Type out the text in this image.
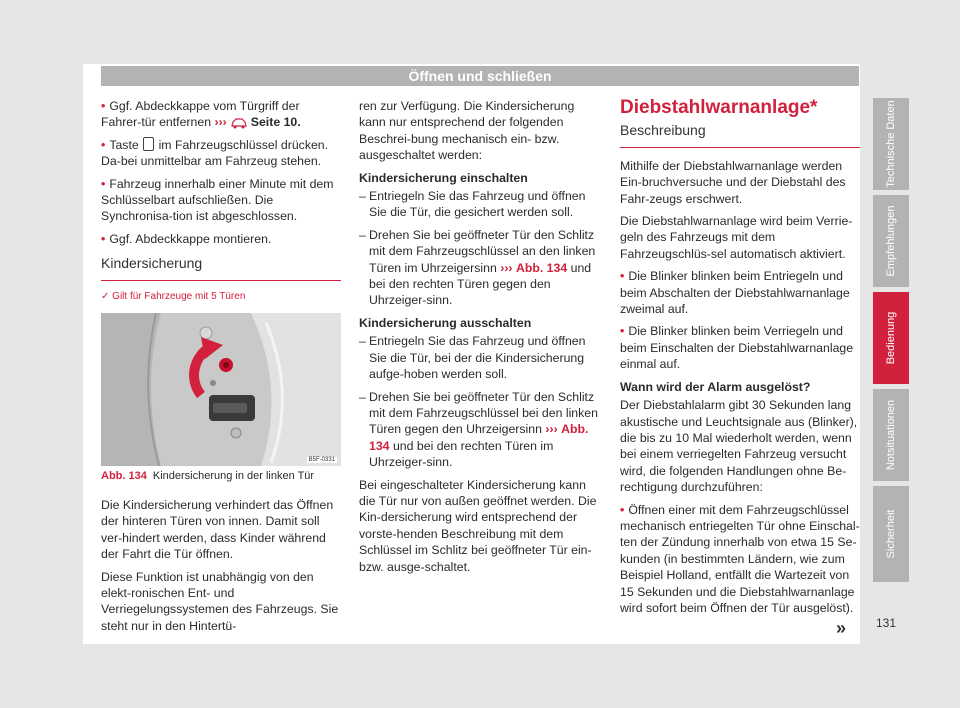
Öffnen und schließen

• Ggf. Abdeckkappe vom Türgriff der Fahrer-tür entfernen ››› Seite 10.

• Taste im Fahrzeugschlüssel drücken. Da-bei unmittelbar am Fahrzeug stehen.

• Fahrzeug innerhalb einer Minute mit dem Schlüsselbart aufschließen. Die Synchronisa-tion ist abgeschlossen.

• Ggf. Abdeckkappe montieren.

Kindersicherung
✓ Gilt für Fahrzeuge mit 5 Türen
B5F-0331
Abb. 134 Kindersicherung in der linken Tür

Die Kindersicherung verhindert das Öffnen der hinteren Türen von innen. Damit soll ver-hindert werden, dass Kinder während der Fahrt die Tür öffnen.

Diese Funktion ist unabhängig von den elekt-ronischen Ent- und Verriegelungssystemen des Fahrzeugs. Sie steht nur in den Hintertü-

ren zur Verfügung. Die Kindersicherung kann nur entsprechend der folgenden Beschrei-bung mechanisch ein- bzw. ausgeschaltet werden:

Kindersicherung einschalten

– Entriegeln Sie das Fahrzeug und öffnen Sie die Tür, die gesichert werden soll.

– Drehen Sie bei geöffneter Tür den Schlitz mit dem Fahrzeugschlüssel an den linken Türen im Uhrzeigersinn ››› Abb. 134 und bei den rechten Türen gegen den Uhrzeiger-sinn.

Kindersicherung ausschalten

– Entriegeln Sie das Fahrzeug und öffnen Sie die Tür, bei der die Kindersicherung aufge-hoben werden soll.

– Drehen Sie bei geöffneter Tür den Schlitz mit dem Fahrzeugschlüssel bei den linken Türen gegen den Uhrzeigersinn ››› Abb. 134 und bei den rechten Türen im Uhrzeiger-sinn.

Bei eingeschalteter Kindersicherung kann die Tür nur von außen geöffnet werden. Die Kin-dersicherung wird entsprechend der vorste-henden Beschreibung mit dem Schlüssel im Schlitz bei geöffneter Tür ein- bzw. ausge-schaltet.

Diebstahlwarnanlage*
Beschreibung

Mithilfe der Diebstahlwarnanlage werden Ein-bruchversuche und der Diebstahl des Fahr-zeugs erschwert.

Die Diebstahlwarnanlage wird beim Verrie-geln des Fahrzeugs mit dem Fahrzeugschlüs-sel automatisch aktiviert.

• Die Blinker blinken beim Entriegeln und beim Abschalten der Diebstahlwarnanlage zweimal auf.

• Die Blinker blinken beim Verriegeln und beim Einschalten der Diebstahlwarnanlage einmal auf.

Wann wird der Alarm ausgelöst?

Der Diebstahlalarm gibt 30 Sekunden lang akustische und Leuchtsignale aus (Blinker), die bis zu 10 Mal wiederholt werden, wenn bei einem verriegelten Fahrzeug versucht wird, die folgenden Handlungen ohne Be-rechtigung durchzuführen:

• Öffnen einer mit dem Fahrzeugschlüssel mechanisch entriegelten Tür ohne Einschal-ten der Zündung innerhalb von etwa 15 Se-kunden (in bestimmten Ländern, wie zum Beispiel Holland, entfällt die Wartezeit von 15 Sekunden und die Diebstahlwarnanlage wird sofort beim Öffnen der Tür ausgelöst).

Technische Daten
Empfehlungen
Bedienung
Notsituationen
Sicherheit
» 131
